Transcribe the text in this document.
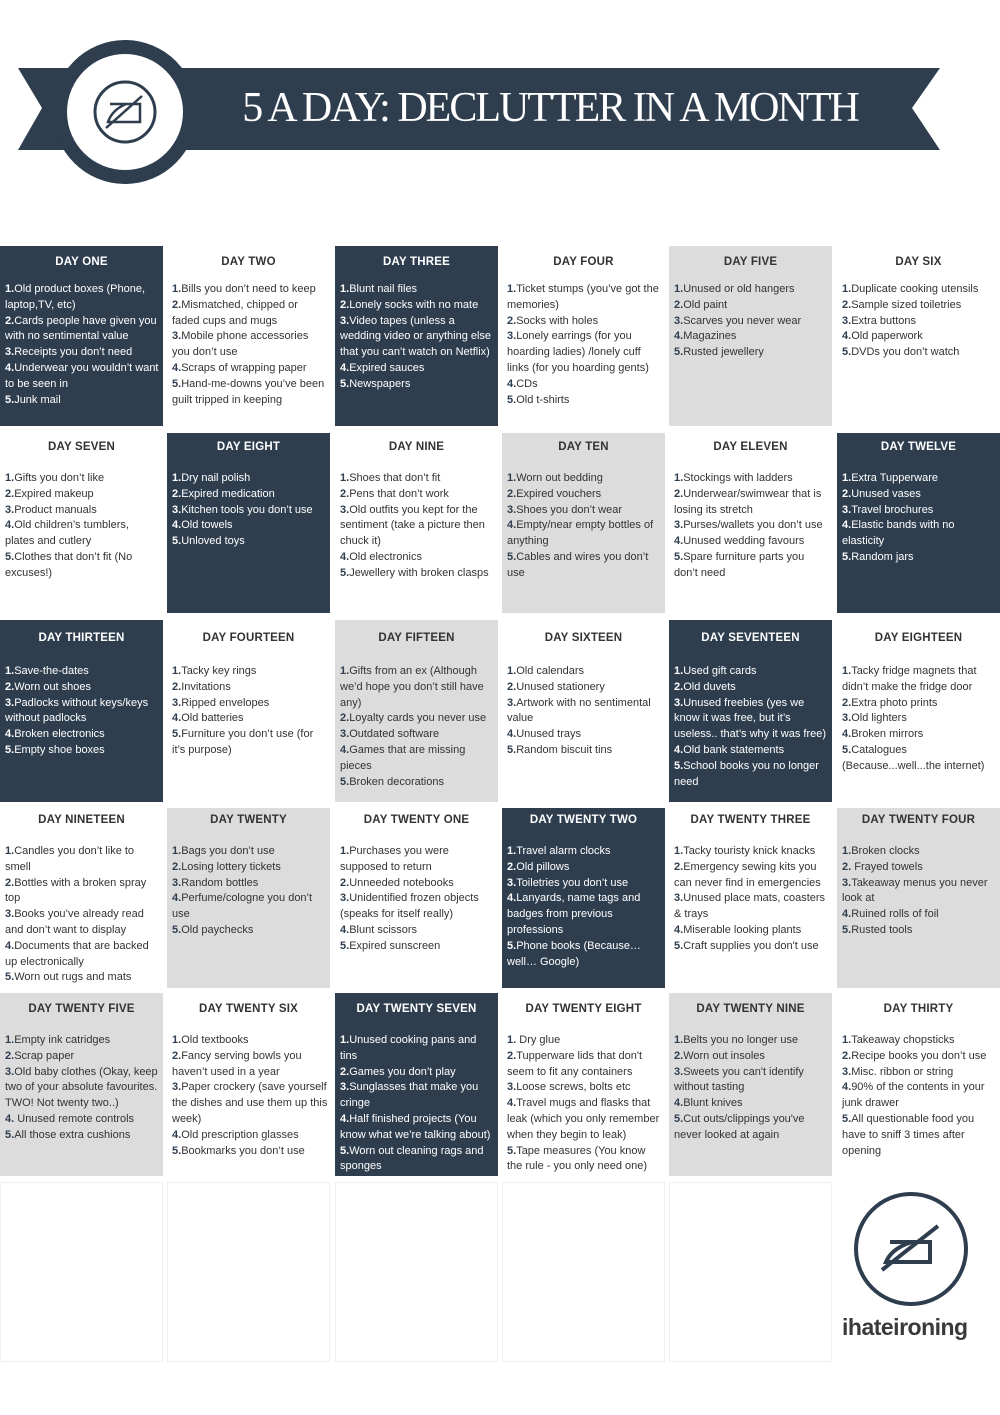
5 A DAY: DECLUTTER IN A MONTH
DAY ONE
1.Old product boxes (Phone, laptop,TV, etc)
2.Cards people have given you with no sentimental value
3.Receipts you don’t need
4.Underwear you wouldn’t want to be seen in
5.Junk mail
DAY TWO
1.Bills you don’t need to keep
2.Mismatched, chipped or faded cups and mugs
3.Mobile phone accessories you don’t use
4.Scraps of wrapping paper
5.Hand-me-downs you’ve been guilt tripped in keeping
DAY THREE
1.Blunt nail files
2.Lonely socks with no mate
3.Video tapes (unless a wedding video or anything else that you can’t watch on Netflix)
4.Expired sauces
5.Newspapers
DAY FOUR
1.Ticket stumps (you’ve got the memories)
2.Socks with holes
3.Lonely earrings (for you hoarding ladies) /lonely cuff links (for you hoarding gents)
4.CDs
5.Old t-shirts
DAY FIVE
1.Unused or old hangers
2.Old paint
3.Scarves you never wear
4.Magazines
5.Rusted jewellery
DAY SIX
1.Duplicate cooking utensils
2.Sample sized toiletries
3.Extra buttons
4.Old paperwork
5.DVDs you don’t watch
DAY SEVEN
1.Gifts you don’t like
2.Expired makeup
3.Product manuals
4.Old children’s tumblers, plates and cutlery
5.Clothes that don’t fit (No excuses!)
DAY EIGHT
1.Dry nail polish
2.Expired medication
3.Kitchen tools you don’t use
4.Old towels
5.Unloved toys
DAY NINE
1.Shoes that don’t fit
2.Pens that don’t work
3.Old outfits you kept for the sentiment (take a picture then chuck it)
4.Old electronics
5.Jewellery with broken clasps
DAY TEN
1.Worn out bedding
2.Expired vouchers
3.Shoes you don’t wear
4.Empty/near empty bottles of anything
5.Cables and wires you don’t use
DAY ELEVEN
1.Stockings with ladders
2.Underwear/swimwear that is losing its stretch
3.Purses/wallets you don’t use
4.Unused wedding favours
5.Spare furniture parts you don’t need
DAY TWELVE
1.Extra Tupperware
2.Unused vases
3.Travel brochures
4.Elastic bands with no elasticity
5.Random jars
DAY THIRTEEN
1.Save-the-dates
2.Worn out shoes
3.Padlocks without keys/keys without padlocks
4.Broken electronics
5.Empty shoe boxes
DAY FOURTEEN
1.Tacky key rings
2.Invitations
3.Ripped envelopes
4.Old batteries
5.Furniture you don’t use (for it’s purpose)
DAY FIFTEEN
1.Gifts from an ex (Although we’d hope you don’t still have any)
2.Loyalty cards you never use
3.Outdated software
4.Games that are missing pieces
5.Broken decorations
DAY SIXTEEN
1.Old calendars
2.Unused stationery
3.Artwork with no sentimental value
4.Unused trays
5.Random biscuit tins
DAY SEVENTEEN
1.Used gift cards
2.Old duvets
3.Unused freebies (yes we know it was free, but it’s useless.. that’s why it was free)
4.Old bank statements
5.School books you no longer need
DAY EIGHTEEN
1.Tacky fridge magnets that didn’t make the fridge door
2.Extra photo prints
3.Old lighters
4.Broken mirrors
5.Catalogues (Because...well...the internet)
DAY NINETEEN
1.Candles you don’t like to smell
2.Bottles with a broken spray top
3.Books you’ve already read and don’t want to display
4.Documents that are backed up electronically
5.Worn out rugs and mats
DAY TWENTY
1.Bags you don’t use
2.Losing lottery tickets
3.Random bottles
4.Perfume/cologne you don’t use
5.Old paychecks
DAY TWENTY ONE
1.Purchases you were supposed to return
2.Unneeded notebooks
3.Unidentified frozen objects (speaks for itself really)
4.Blunt scissors
5.Expired sunscreen
DAY TWENTY TWO
1.Travel alarm clocks
2.Old pillows
3.Toiletries you don’t use
4.Lanyards, name tags and badges from previous professions
5.Phone books (Because… well… Google)
DAY TWENTY THREE
1.Tacky touristy knick knacks
2.Emergency sewing kits you can never find in emergencies
3.Unused place mats, coasters & trays
4.Miserable looking plants
5.Craft supplies you don't use
DAY TWENTY FOUR
1.Broken clocks
2. Frayed towels
3.Takeaway menus you never look at
4.Ruined rolls of foil
5.Rusted tools
DAY TWENTY FIVE
1.Empty ink catridges
2.Scrap paper
3.Old baby clothes (Okay, keep two of your absolute favourites. TWO! Not twenty two..)
4. Unused remote controls
5.All those extra cushions
DAY TWENTY SIX
1.Old textbooks
2.Fancy serving bowls you haven’t used in a year
3.Paper crockery (save yourself the dishes and use them up this week)
4.Old prescription glasses
5.Bookmarks you don’t use
DAY TWENTY SEVEN
1.Unused cooking pans and tins
2.Games you don’t play
3.Sunglasses that make you cringe
4.Half finished projects (You know what we’re talking about)
5.Worn out cleaning rags and sponges
DAY TWENTY EIGHT
1. Dry glue
2.Tupperware lids that don't seem to fit any containers
3.Loose screws, bolts etc
4.Travel mugs and flasks that leak (which you only remember when they begin to leak)
5.Tape measures (You know the rule - you only need one)
DAY TWENTY NINE
1.Belts you no longer use
2.Worn out insoles
3.Sweets you can't identify without tasting
4.Blunt knives
5.Cut outs/clippings you've never looked at again
DAY THIRTY
1.Takeaway chopsticks
2.Recipe books you don’t use
3.Misc. ribbon or string
4.90% of the contents in your junk drawer
5.All questionable food you have to sniff 3 times after opening
ihateironing
